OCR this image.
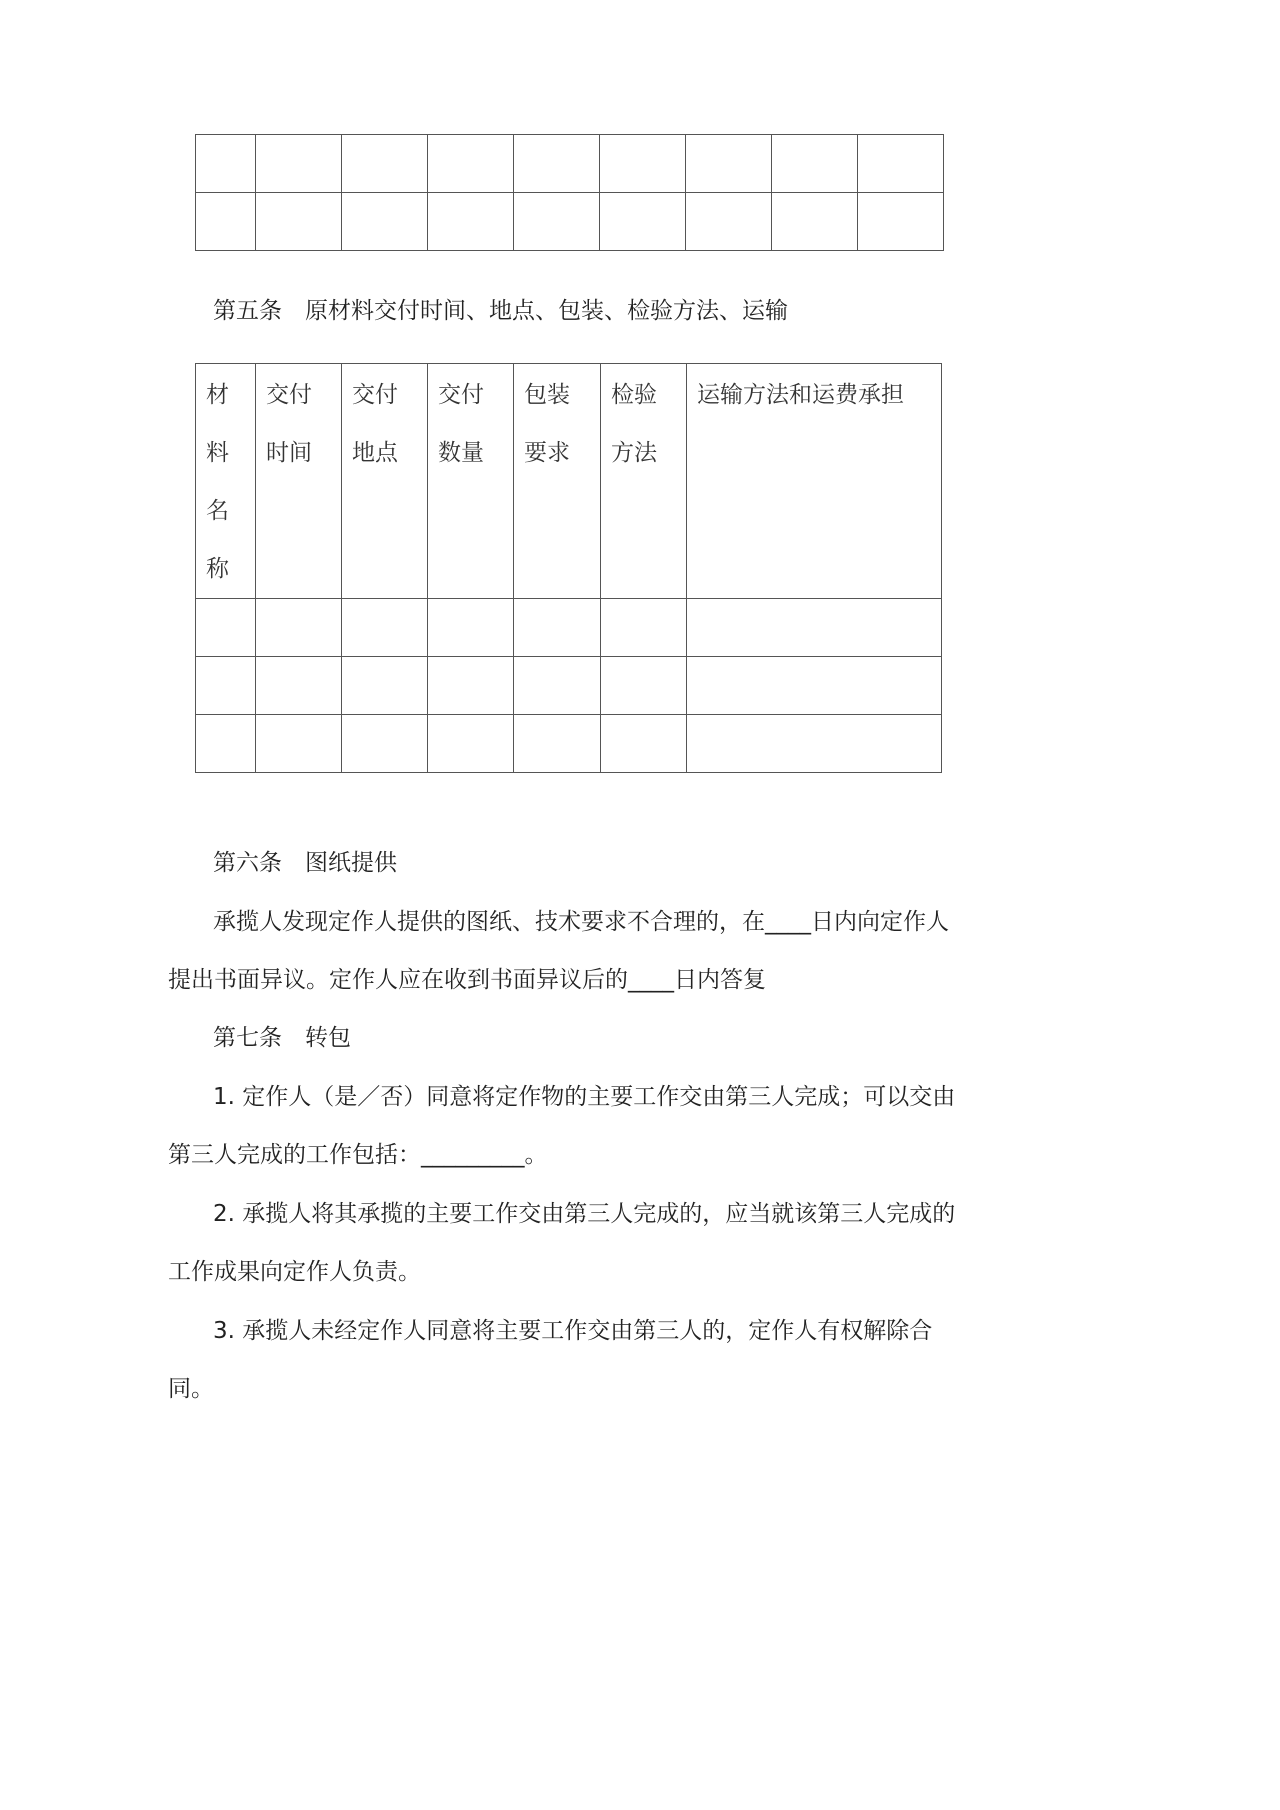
第五条　原材料交付时间、地点、包装、检验方法、运输
材料名称	交付时间	交付地点	交付数量	包装要求	检验方法	运输方法和运费承担

第六条　图纸提供
承揽人发现定作人提供的图纸、技术要求不合理的，在____日内向定作人
提出书面异议。定作人应在收到书面异议后的____日内答复
第七条　转包
1. 定作人（是／否）同意将定作物的主要工作交由第三人完成；可以交由
第三人完成的工作包括：_________。
2. 承揽人将其承揽的主要工作交由第三人完成的，应当就该第三人完成的
工作成果向定作人负责。
3. 承揽人未经定作人同意将主要工作交由第三人的，定作人有权解除合
同。
